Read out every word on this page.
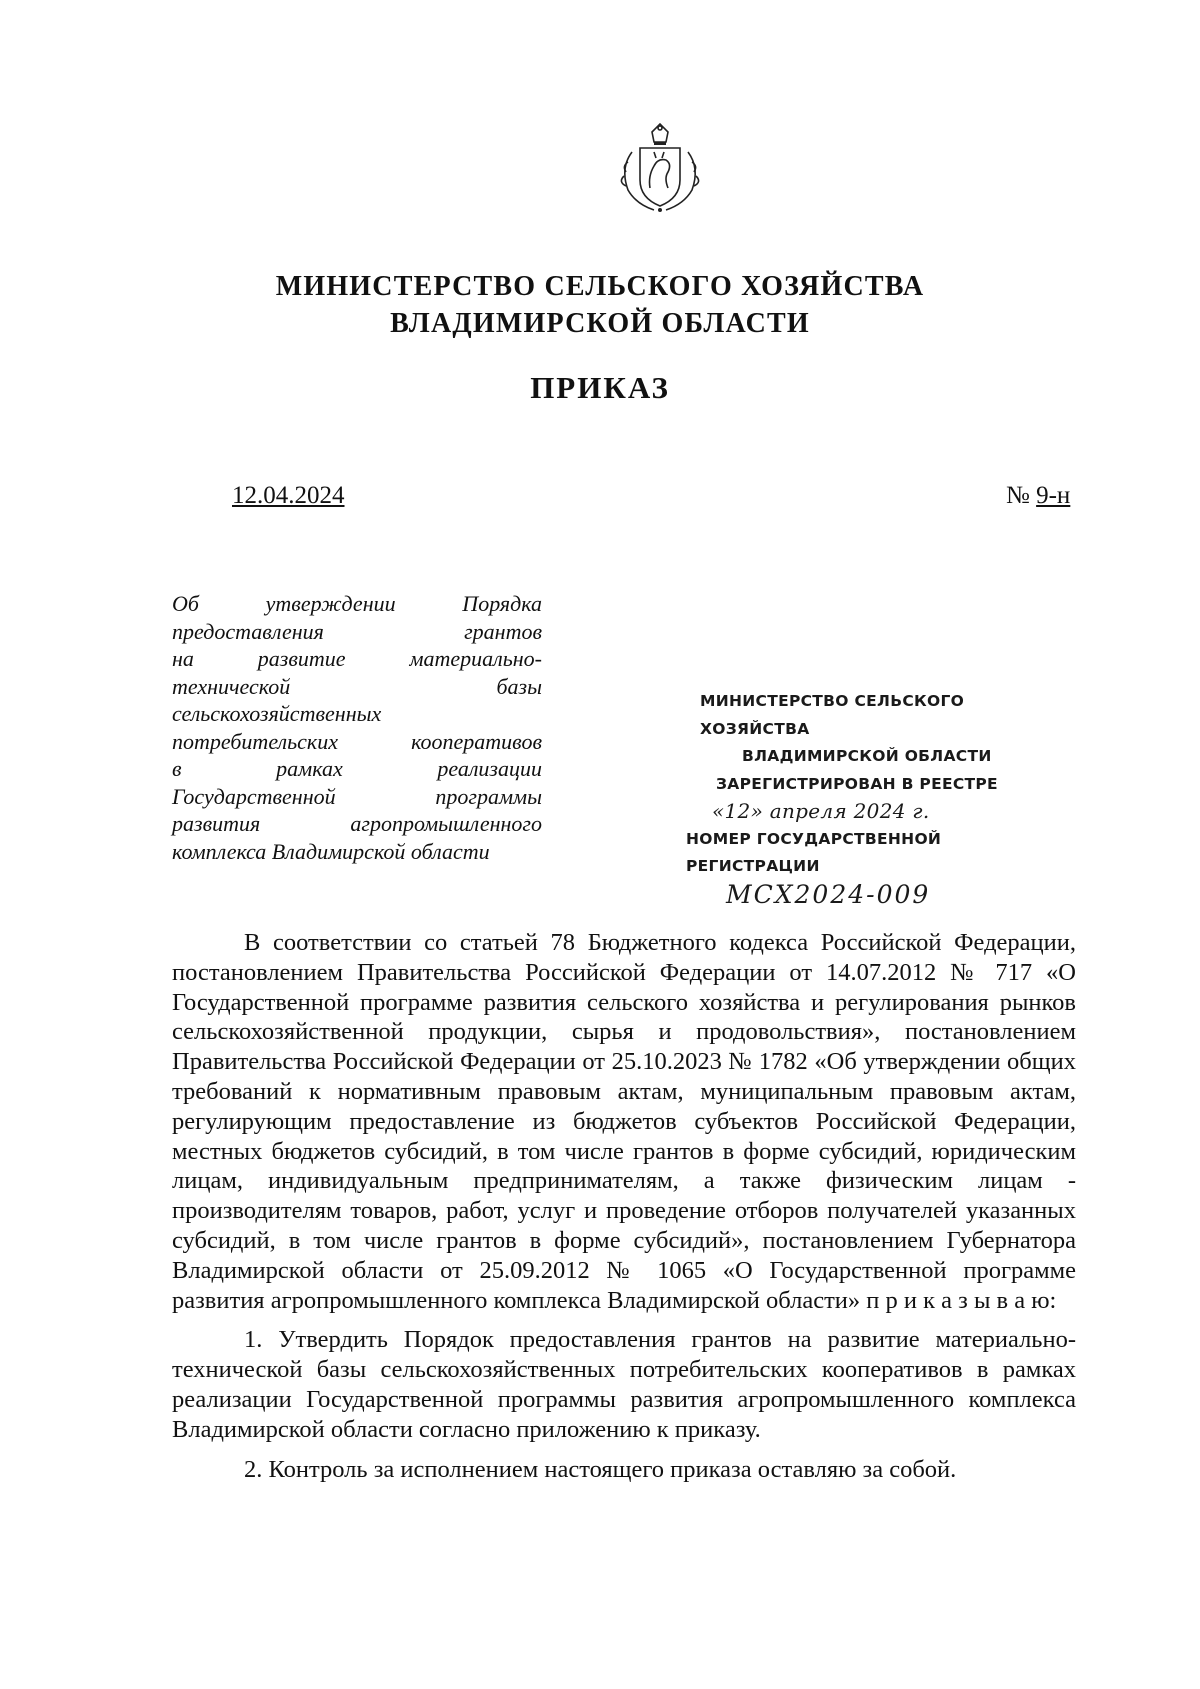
МИНИСТЕРСТВО СЕЛЬСКОГО ХОЗЯЙСТВА
ВЛАДИМИРСКОЙ ОБЛАСТИ
ПРИКАЗ
12.04.2024	№ 9-н
Об утверждении Порядка
предоставления грантов
на развитие материально-
технической базы
сельскохозяйственных
потребительских кооперативов
в рамках реализации
Государственной программы
развития агропромышленного
комплекса Владимирской области
МИНИСТЕРСТВО СЕЛЬСКОГО ХОЗЯЙСТВА
ВЛАДИМИРСКОЙ ОБЛАСТИ
ЗАРЕГИСТРИРОВАН В РЕЕСТРЕ
«12» апреля 2024 г.
НОМЕР ГОСУДАРСТВЕННОЙ РЕГИСТРАЦИИ
МСХ2024-009

В соответствии со статьей 78 Бюджетного кодекса Российской Федерации, постановлением Правительства Российской Федерации от 14.07.2012 № 717 «О Государственной программе развития сельского хозяйства и регулирования рынков сельскохозяйственной продукции, сырья и продовольствия», постановлением Правительства Российской Федерации от 25.10.2023 № 1782 «Об утверждении общих требований к нормативным правовым актам, муниципальным правовым актам, регулирующим предоставление из бюджетов субъектов Российской Федерации, местных бюджетов субсидий, в том числе грантов в форме субсидий, юридическим лицам, индивидуальным предпринимателям, а также физическим лицам - производителям товаров, работ, услуг и проведение отборов получателей указанных субсидий, в том числе грантов в форме субсидий», постановлением Губернатора Владимирской области от 25.09.2012 № 1065 «О Государственной программе развития агропромышленного комплекса Владимирской области» п р и к а з ы в а ю:

1. Утвердить Порядок предоставления грантов на развитие материально-технической базы сельскохозяйственных потребительских кооперативов в рамках реализации Государственной программы развития агропромышленного комплекса Владимирской области согласно приложению к приказу.

2. Контроль за исполнением настоящего приказа оставляю за собой.
